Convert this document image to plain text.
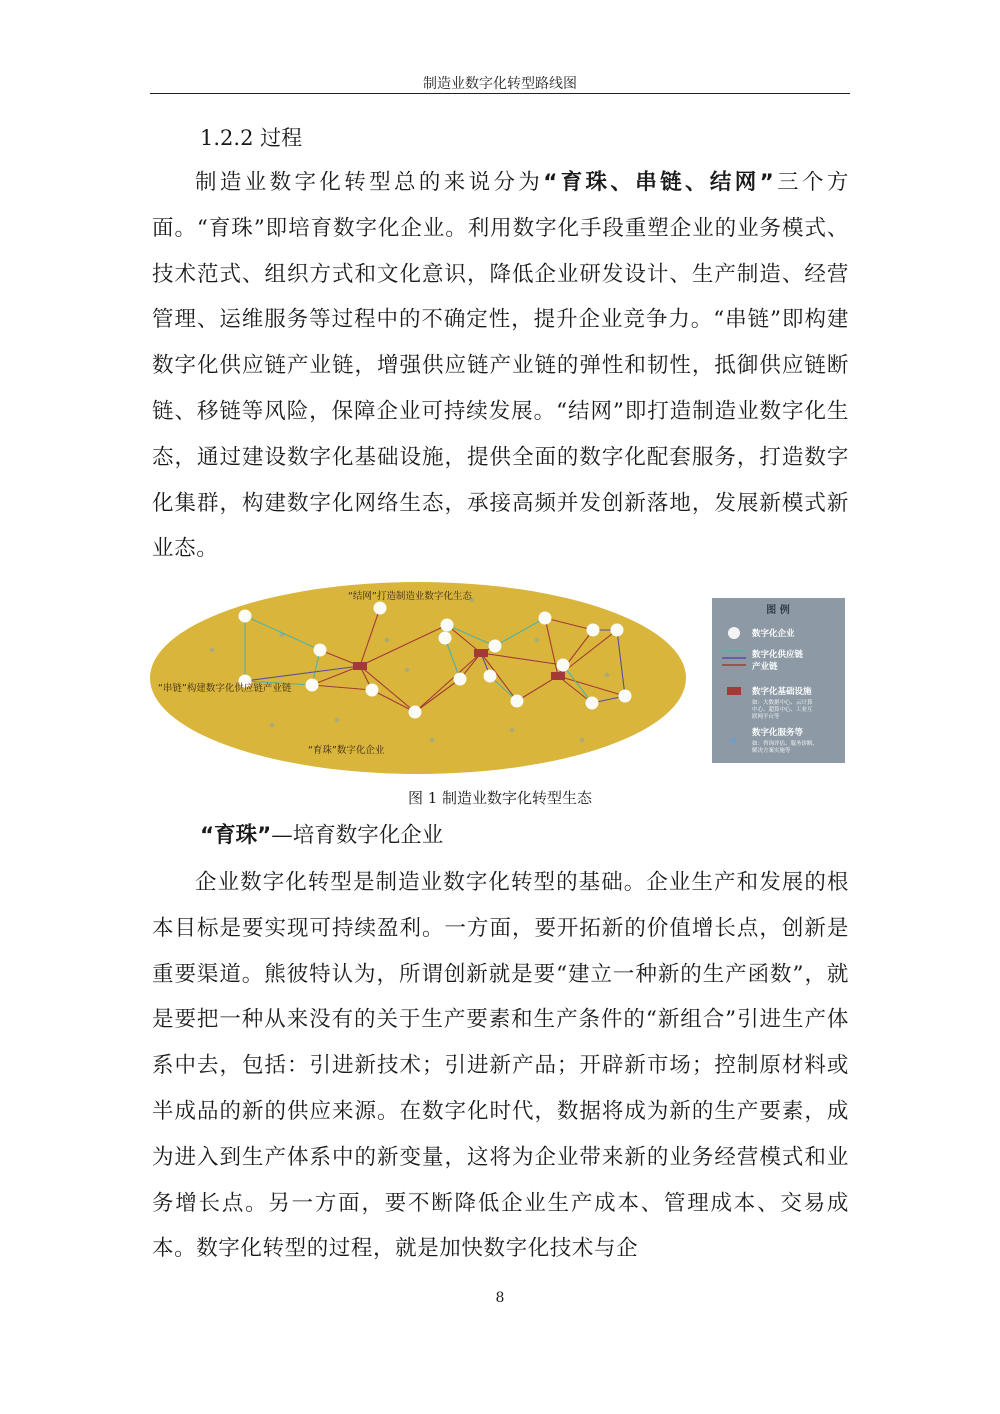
制造业数字化转型路线图
1.2.2 过程

制造业数字化转型总的来说分为“育珠、串链、结网”三个方面。“育珠”即培育数字化企业。利用数字化手段重塑企业的业务模式、技术范式、组织方式和文化意识，降低企业研发设计、生产制造、经营管理、运维服务等过程中的不确定性，提升企业竞争力。“串链”即构建数字化供应链产业链，增强供应链产业链的弹性和韧性，抵御供应链断链、移链等风险，保障企业可持续发展。“结网”即打造制造业数字化生态，通过建设数字化基础设施，提供全面的数字化配套服务，打造数字化集群，构建数字化网络生态，承接高频并发创新落地，发展新模式新业态。

“结网”打造制造业数字化生态
“串链”构建数字化供应链产业链
“育珠”数字化企业
图 例
数字化企业
数字化供应链
产业链
数字化基础设施
如：大数据中心、云计算
中心、超算中心、工业互
联网平台等
数字化服务等
如：咨询评估、服务诊断、
解决方案实施等
图 1 制造业数字化转型生态
“育珠”—培育数字化企业

企业数字化转型是制造业数字化转型的基础。企业生产和发展的根本目标是要实现可持续盈利。一方面，要开拓新的价值增长点，创新是重要渠道。熊彼特认为，所谓创新就是要“建立一种新的生产函数”，就是要把一种从来没有的关于生产要素和生产条件的“新组合”引进生产体系中去，包括：引进新技术；引进新产品；开辟新市场；控制原材料或半成品的新的供应来源。在数字化时代，数据将成为新的生产要素，成为进入到生产体系中的新变量，这将为企业带来新的业务经营模式和业务增长点。另一方面，要不断降低企业生产成本、管理成本、交易成本。数字化转型的过程，就是加快数字化技术与企

8
